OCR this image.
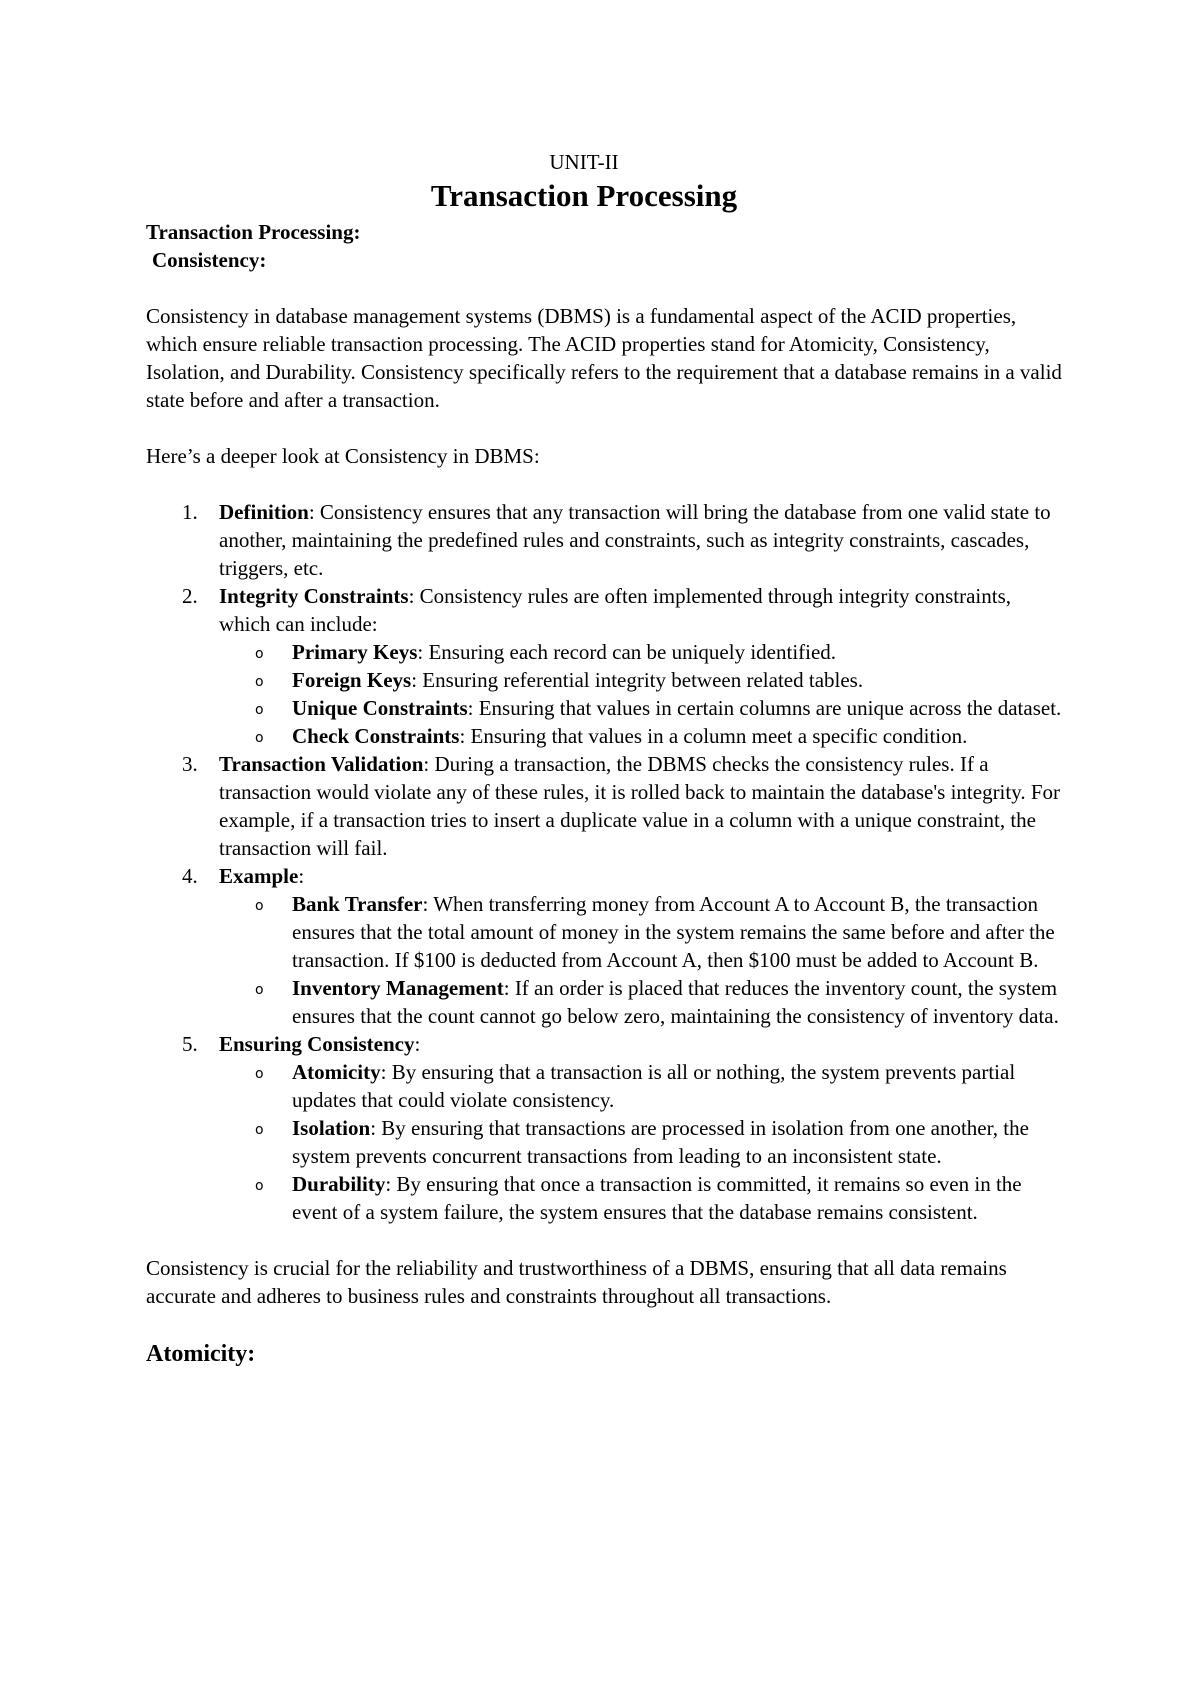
UNIT-II

Transaction Processing

Transaction Processing:

Consistency:

Consistency in database management systems (DBMS) is a fundamental aspect of the ACID properties, which ensure reliable transaction processing. The ACID properties stand for Atomicity, Consistency, Isolation, and Durability. Consistency specifically refers to the requirement that a database remains in a valid state before and after a transaction.

Here’s a deeper look at Consistency in DBMS:

1. Definition: Consistency ensures that any transaction will bring the database from one valid state to another, maintaining the predefined rules and constraints, such as integrity constraints, cascades, triggers, etc.
2. Integrity Constraints: Consistency rules are often implemented through integrity constraints, which can include:
o Primary Keys: Ensuring each record can be uniquely identified.
o Foreign Keys: Ensuring referential integrity between related tables.
o Unique Constraints: Ensuring that values in certain columns are unique across the dataset.
o Check Constraints: Ensuring that values in a column meet a specific condition.
3. Transaction Validation: During a transaction, the DBMS checks the consistency rules. If a transaction would violate any of these rules, it is rolled back to maintain the database's integrity. For example, if a transaction tries to insert a duplicate value in a column with a unique constraint, the transaction will fail.
4. Example:
o Bank Transfer: When transferring money from Account A to Account B, the transaction ensures that the total amount of money in the system remains the same before and after the transaction. If $100 is deducted from Account A, then $100 must be added to Account B.
o Inventory Management: If an order is placed that reduces the inventory count, the system ensures that the count cannot go below zero, maintaining the consistency of inventory data.
5. Ensuring Consistency:
o Atomicity: By ensuring that a transaction is all or nothing, the system prevents partial updates that could violate consistency.
o Isolation: By ensuring that transactions are processed in isolation from one another, the system prevents concurrent transactions from leading to an inconsistent state.
o Durability: By ensuring that once a transaction is committed, it remains so even in the event of a system failure, the system ensures that the database remains consistent.

Consistency is crucial for the reliability and trustworthiness of a DBMS, ensuring that all data remains accurate and adheres to business rules and constraints throughout all transactions.

Atomicity:
